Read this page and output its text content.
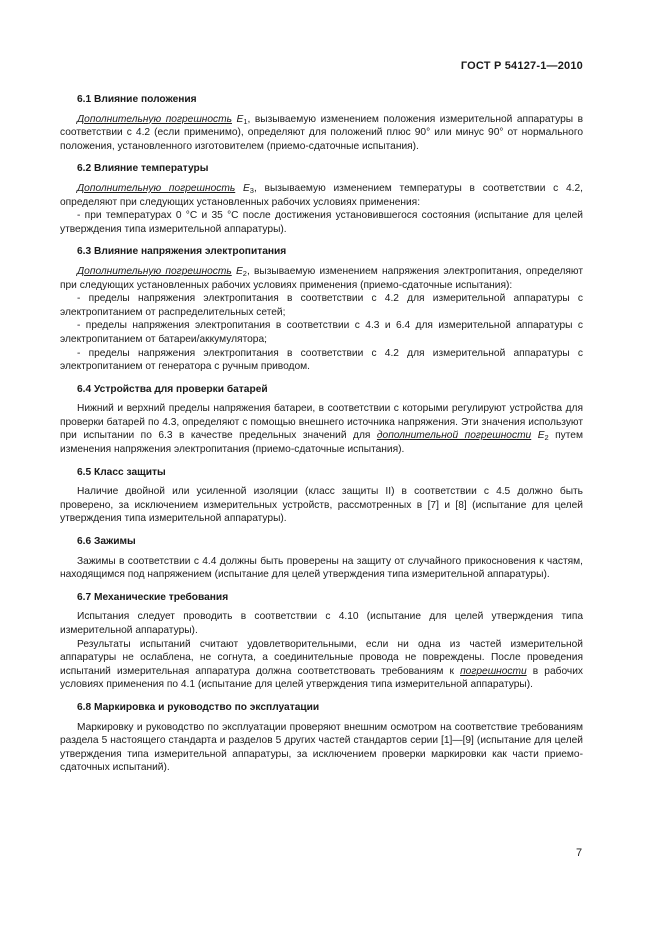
ГОСТ Р 54127-1—2010
6.1 Влияние положения

Дополнительную погрешность $E_1$, вызываемую изменением положения измерительной аппаратуры в соответствии с 4.2 (если применимо), определяют для положений плюс 90° или минус 90° от нормального положения, установленного изготовителем (приемо-сдаточные испытания).

6.2 Влияние температуры

Дополнительную погрешность $E_3$, вызываемую изменением температуры в соответствии с 4.2, определяют при следующих установленных рабочих условиях применения:

- при температурах 0 °С и 35 °С после достижения установившегося состояния (испытание для целей утверждения типа измерительной аппаратуры).

6.3 Влияние напряжения электропитания

Дополнительную погрешность $E_2$, вызываемую изменением напряжения электропитания, определяют при следующих установленных рабочих условиях применения (приемо-сдаточные испытания):

- пределы напряжения электропитания в соответствии с 4.2 для измерительной аппаратуры с электропитанием от распределительных сетей;

- пределы напряжения электропитания в соответствии с 4.3 и 6.4 для измерительной аппаратуры с электропитанием от батареи/аккумулятора;

- пределы напряжения электропитания в соответствии с 4.2 для измерительной аппаратуры с электропитанием от генератора с ручным приводом.

6.4 Устройства для проверки батарей

Нижний и верхний пределы напряжения батареи, в соответствии с которыми регулируют устройства для проверки батарей по 4.3, определяют с помощью внешнего источника напряжения. Эти значения используют при испытании по 6.3 в качестве предельных значений для дополнительной погрешности $E_2$ путем изменения напряжения электропитания (приемо-сдаточные испытания).

6.5 Класс защиты

Наличие двойной или усиленной изоляции (класс защиты II) в соответствии с 4.5 должно быть проверено, за исключением измерительных устройств, рассмотренных в [7] и [8] (испытание для целей утверждения типа измерительной аппаратуры).

6.6 Зажимы

Зажимы в соответствии с 4.4 должны быть проверены на защиту от случайного прикосновения к частям, находящимся под напряжением (испытание для целей утверждения типа измерительной аппаратуры).

6.7 Механические требования

Испытания следует проводить в соответствии с 4.10 (испытание для целей утверждения типа измерительной аппаратуры).

Результаты испытаний считают удовлетворительными, если ни одна из частей измерительной аппаратуры не ослаблена, не согнута, а соединительные провода не повреждены. После проведения испытаний измерительная аппаратура должна соответствовать требованиям к погрешности в рабочих условиях применения по 4.1 (испытание для целей утверждения типа измерительной аппаратуры).

6.8 Маркировка и руководство по эксплуатации

Маркировку и руководство по эксплуатации проверяют внешним осмотром на соответствие требованиям раздела 5 настоящего стандарта и разделов 5 других частей стандартов серии [1]—[9] (испытание для целей утверждения типа измерительной аппаратуры, за исключением проверки маркировки как части приемо-сдаточных испытаний).

7
